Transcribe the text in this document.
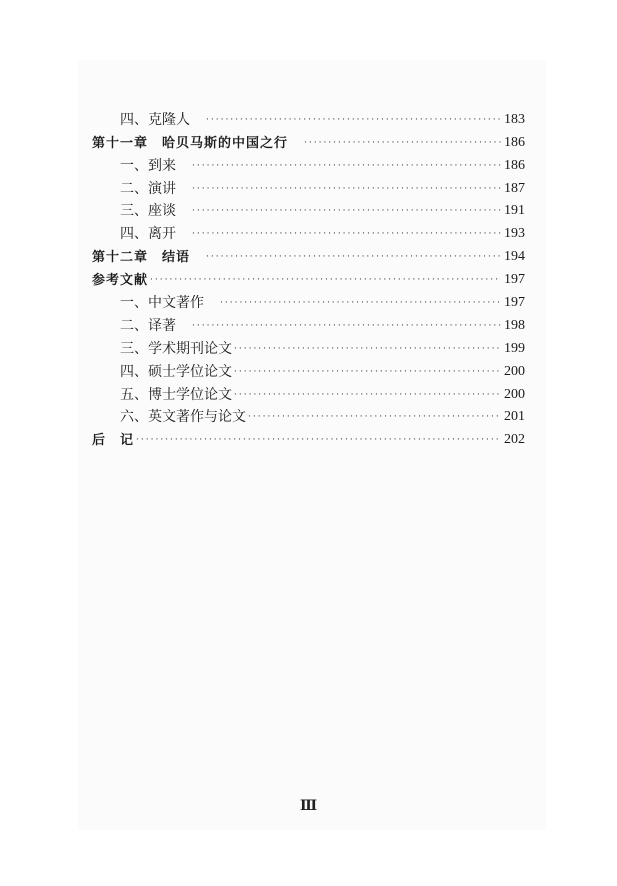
四、克隆人 ·····	183
第十一章　哈贝马斯的中国之行 ·····	186
一、到来 ·····	186
二、演讲 ·····	187
三、座谈 ·····	191
四、离开 ·····	193
第十二章　结语 ·····	194
参考文献 ·····	197
一、中文著作 ·····	197
二、译著 ·····	198
三、学术期刊论文 ·····	199
四、硕士学位论文 ·····	200
五、博士学位论文 ·····	200
六、英文著作与论文 ·····	201
后　记 ·····	202
Ⅲ
